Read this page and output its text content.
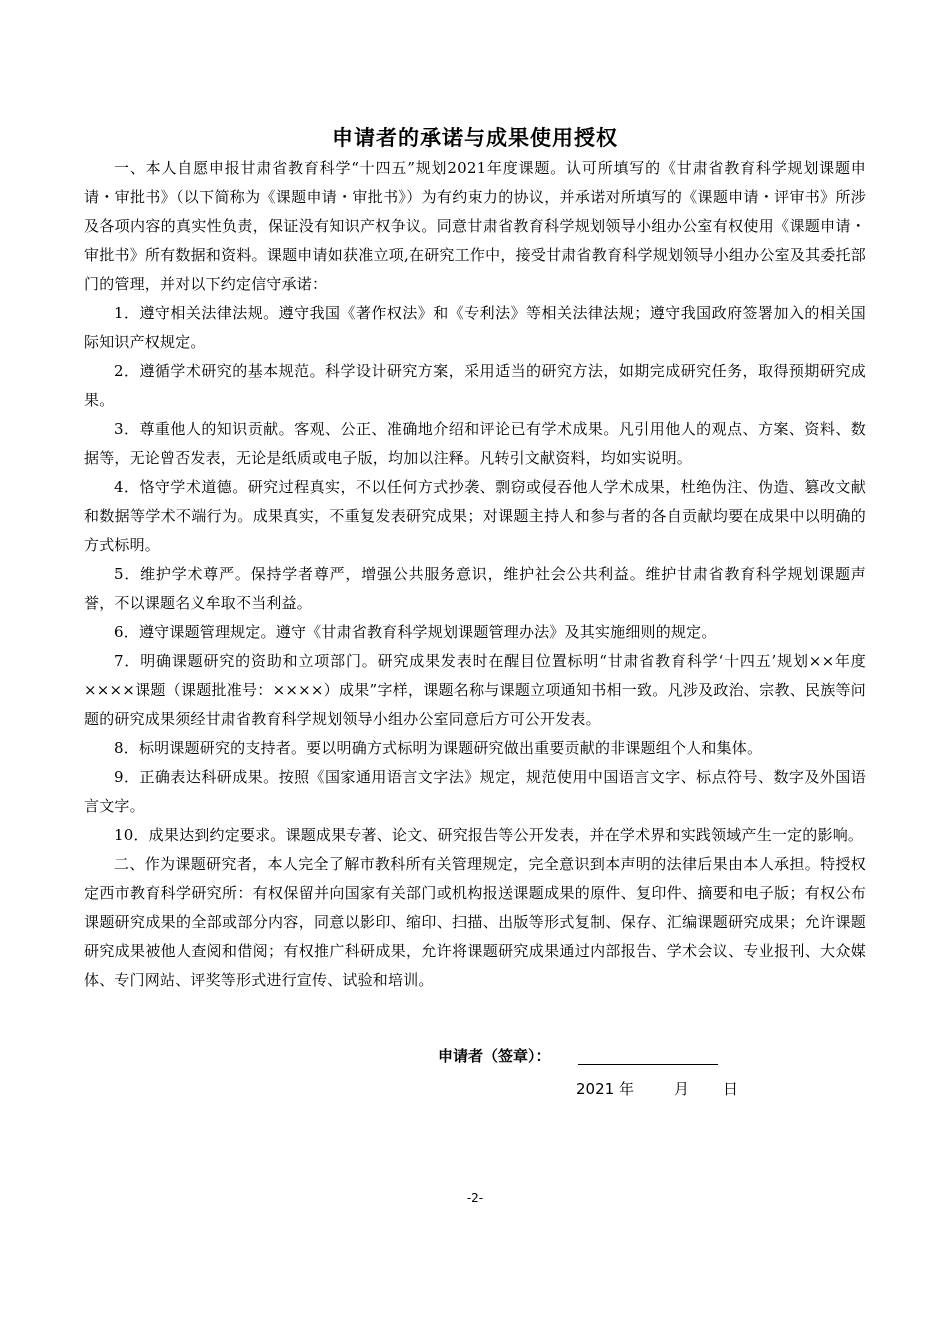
申请者的承诺与成果使用授权

一、本人自愿申报甘肃省教育科学“十四五”规划2021年度课题。认可所填写的《甘肃省教育科学规划课题申请・审批书》（以下简称为《课题申请・审批书》）为有约束力的协议，并承诺对所填写的《课题申请・评审书》所涉及各项内容的真实性负责，保证没有知识产权争议。同意甘肃省教育科学规划领导小组办公室有权使用《课题申请・审批书》所有数据和资料。课题申请如获准立项,在研究工作中，接受甘肃省教育科学规划领导小组办公室及其委托部门的管理，并对以下约定信守承诺：

1．遵守相关法律法规。遵守我国《著作权法》和《专利法》等相关法律法规；遵守我国政府签署加入的相关国际知识产权规定。

2．遵循学术研究的基本规范。科学设计研究方案，采用适当的研究方法，如期完成研究任务，取得预期研究成果。

3．尊重他人的知识贡献。客观、公正、准确地介绍和评论已有学术成果。凡引用他人的观点、方案、资料、数据等，无论曾否发表，无论是纸质或电子版，均加以注释。凡转引文献资料，均如实说明。

4．恪守学术道德。研究过程真实，不以任何方式抄袭、剽窃或侵吞他人学术成果，杜绝伪注、伪造、篡改文献和数据等学术不端行为。成果真实，不重复发表研究成果；对课题主持人和参与者的各自贡献均要在成果中以明确的方式标明。

5．维护学术尊严。保持学者尊严，增强公共服务意识，维护社会公共利益。维护甘肃省教育科学规划课题声誉，不以课题名义牟取不当利益。

6．遵守课题管理规定。遵守《甘肃省教育科学规划课题管理办法》及其实施细则的规定。

7．明确课题研究的资助和立项部门。研究成果发表时在醒目位置标明“甘肃省教育科学‘十四五’规划××年度××××课题（课题批准号：××××）成果”字样，课题名称与课题立项通知书相一致。凡涉及政治、宗教、民族等问题的研究成果须经甘肃省教育科学规划领导小组办公室同意后方可公开发表。

8．标明课题研究的支持者。要以明确方式标明为课题研究做出重要贡献的非课题组个人和集体。

9．正确表达科研成果。按照《国家通用语言文字法》规定，规范使用中国语言文字、标点符号、数字及外国语言文字。

10．成果达到约定要求。课题成果专著、论文、研究报告等公开发表，并在学术界和实践领域产生一定的影响。

二、作为课题研究者，本人完全了解市教科所有关管理规定，完全意识到本声明的法律后果由本人承担。特授权定西市教育科学研究所：有权保留并向国家有关部门或机构报送课题成果的原件、复印件、摘要和电子版；有权公布课题研究成果的全部或部分内容，同意以影印、缩印、扫描、出版等形式复制、保存、汇编课题研究成果；允许课题研究成果被他人查阅和借阅；有权推广科研成果，允许将课题研究成果通过内部报告、学术会议、专业报刊、大众媒体、专门网站、评奖等形式进行宣传、试验和培训。

申请者（签章）：
2021 年	月 日
-2-
